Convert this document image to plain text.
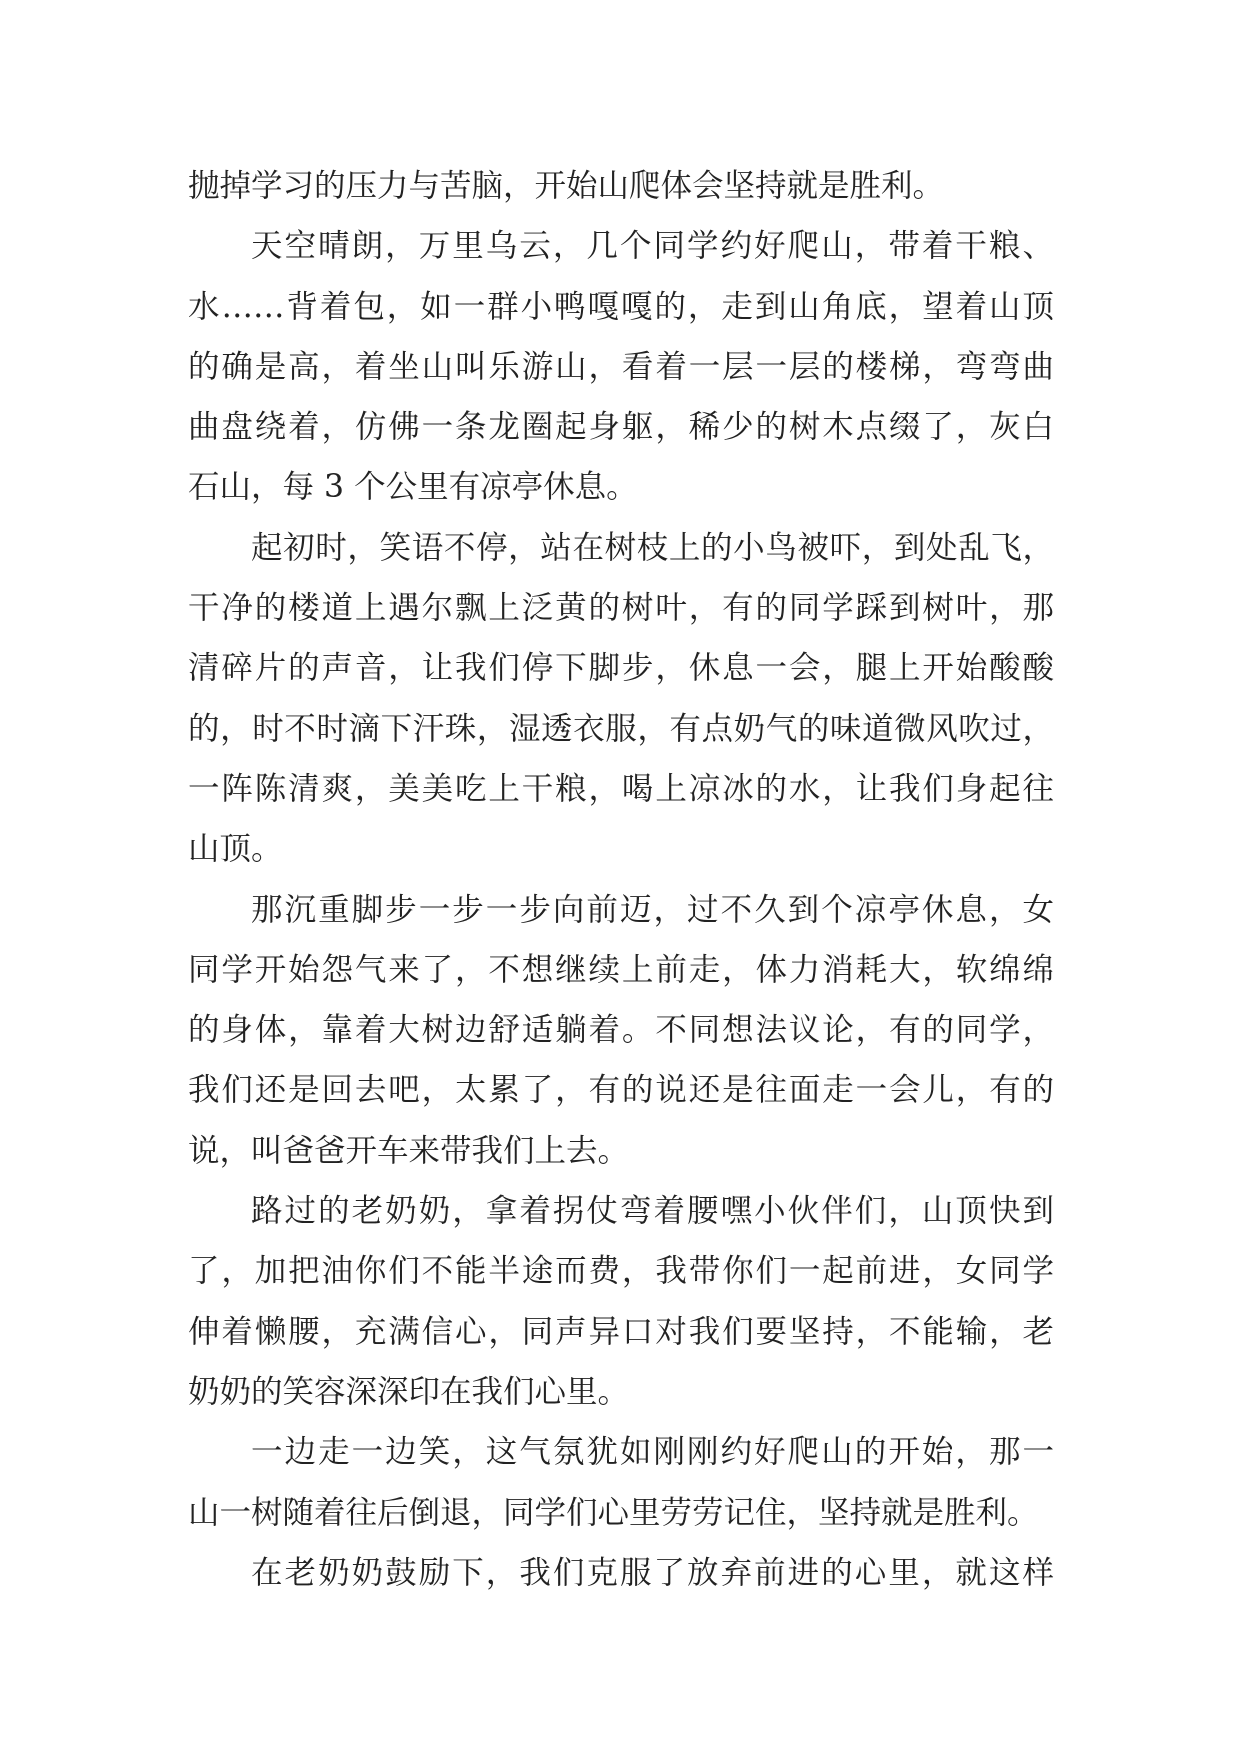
抛掉学习的压力与苦脑，开始山爬体会坚持就是胜利。
天空晴朗，万里乌云，几个同学约好爬山，带着干粮、
水……背着包，如一群小鸭嘎嘎的，走到山角底，望着山顶
的确是高，着坐山叫乐游山，看着一层一层的楼梯，弯弯曲
曲盘绕着，仿佛一条龙圈起身躯，稀少的树木点缀了，灰白
石山，每 3 个公里有凉亭休息。
起初时，笑语不停，站在树枝上的小鸟被吓，到处乱飞，
干净的楼道上遇尔飘上泛黄的树叶，有的同学踩到树叶，那
清碎片的声音，让我们停下脚步，休息一会，腿上开始酸酸
的，时不时滴下汗珠，湿透衣服，有点奶气的味道微风吹过，
一阵陈清爽，美美吃上干粮，喝上凉冰的水，让我们身起往
山顶。
那沉重脚步一步一步向前迈，过不久到个凉亭休息，女
同学开始怨气来了，不想继续上前走，体力消耗大，软绵绵
的身体，靠着大树边舒适躺着。不同想法议论，有的同学，
我们还是回去吧，太累了，有的说还是往面走一会儿，有的
说，叫爸爸开车来带我们上去。
路过的老奶奶，拿着拐仗弯着腰嘿小伙伴们，山顶快到
了，加把油你们不能半途而费，我带你们一起前进，女同学
伸着懒腰，充满信心，同声异口对我们要坚持，不能输，老
奶奶的笑容深深印在我们心里。
一边走一边笑，这气氛犹如刚刚约好爬山的开始，那一
山一树随着往后倒退，同学们心里劳劳记住，坚持就是胜利。
在老奶奶鼓励下，我们克服了放弃前进的心里，就这样
